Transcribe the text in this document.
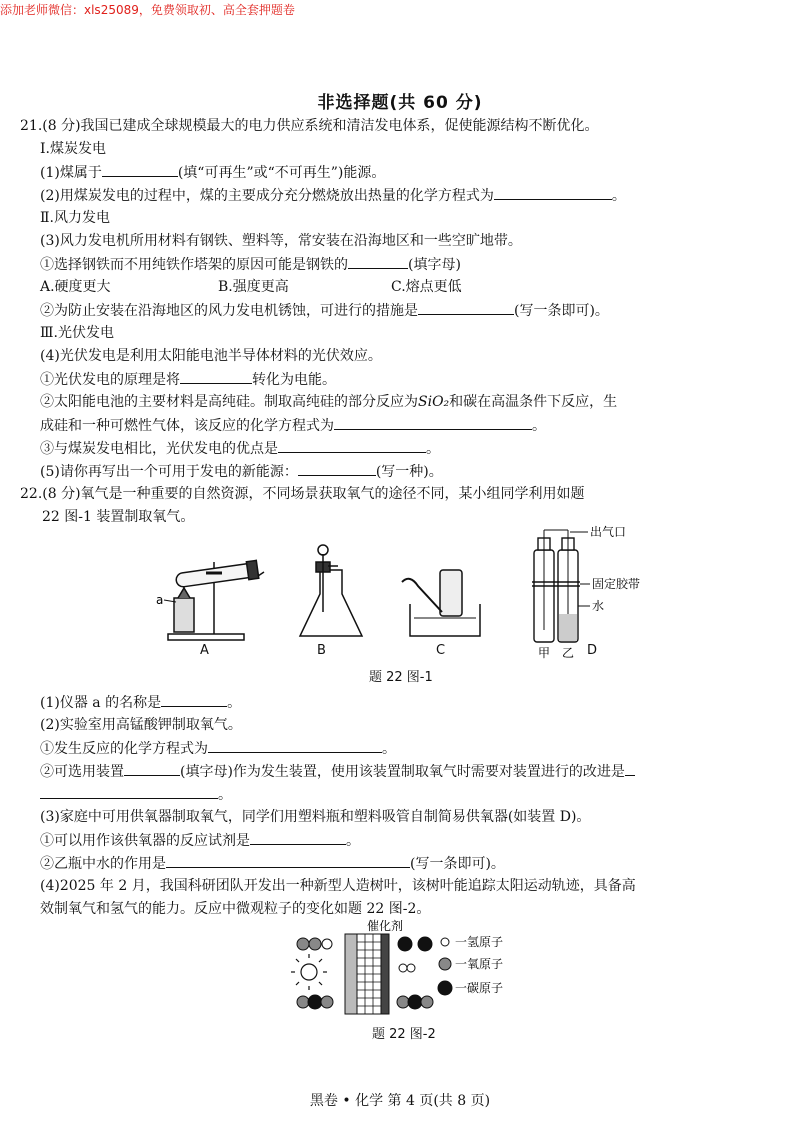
添加老师微信：xls25089，免费领取初、高全套押题卷
非选择题(共 60 分)
21.(8 分)我国已建成全球规模最大的电力供应系统和清洁发电体系，促使能源结构不断优化。
Ⅰ.煤炭发电
(1)煤属于	(填“可再生”或“不可再生”)能源。
(2)用煤炭发电的过程中，煤的主要成分充分燃烧放出热量的化学方程式为	。
Ⅱ.风力发电
(3)风力发电机所用材料有钢铁、塑料等，常安装在沿海地区和一些空旷地带。
①选择钢铁而不用纯铁作塔架的原因可能是钢铁的	(填字母)
A.硬度更大	B.强度更高	C.熔点更低
②为防止安装在沿海地区的风力发电机锈蚀，可进行的措施是	(写一条即可)。
Ⅲ.光伏发电
(4)光伏发电是利用太阳能电池半导体材料的光伏效应。
①光伏发电的原理是将	转化为电能。
②太阳能电池的主要材料是高纯硅。制取高纯硅的部分反应为SiO₂和碳在高温条件下反应，生
成硅和一种可燃性气体，该反应的化学方程式为	。
③与煤炭发电相比，光伏发电的优点是	。
(5)请你再写出一个可用于发电的新能源：	(写一种)。
22.(8 分)氧气是一种重要的自然资源，不同场景获取氧气的途径不同，某小组同学利用如题
22 图-1 装置制取氧气。
a
出气口
固定胶带
水
甲 乙
A	B	C	D
题 22 图-1
(1)仪器 a 的名称是	。
(2)实验室用高锰酸钾制取氧气。
①发生反应的化学方程式为	。
②可选用装置	(填字母)作为发生装置，使用该装置制取氧气时需要对装置进行的改进是
。
(3)家庭中可用供氧器制取氧气，同学们用塑料瓶和塑料吸管自制简易供氧器(如装置 D)。
①可以用作该供氧器的反应试剂是	。
②乙瓶中水的作用是	(写一条即可)。
(4)2025 年 2 月，我国科研团队开发出一种新型人造树叶，该树叶能追踪太阳运动轨迹，具备高
效制氧气和氢气的能力。反应中微观粒子的变化如题 22 图-2。
催化剂
一氢原子
一氧原子
一碳原子
题 22 图-2
黑卷 • 化学 第 4 页(共 8 页)
